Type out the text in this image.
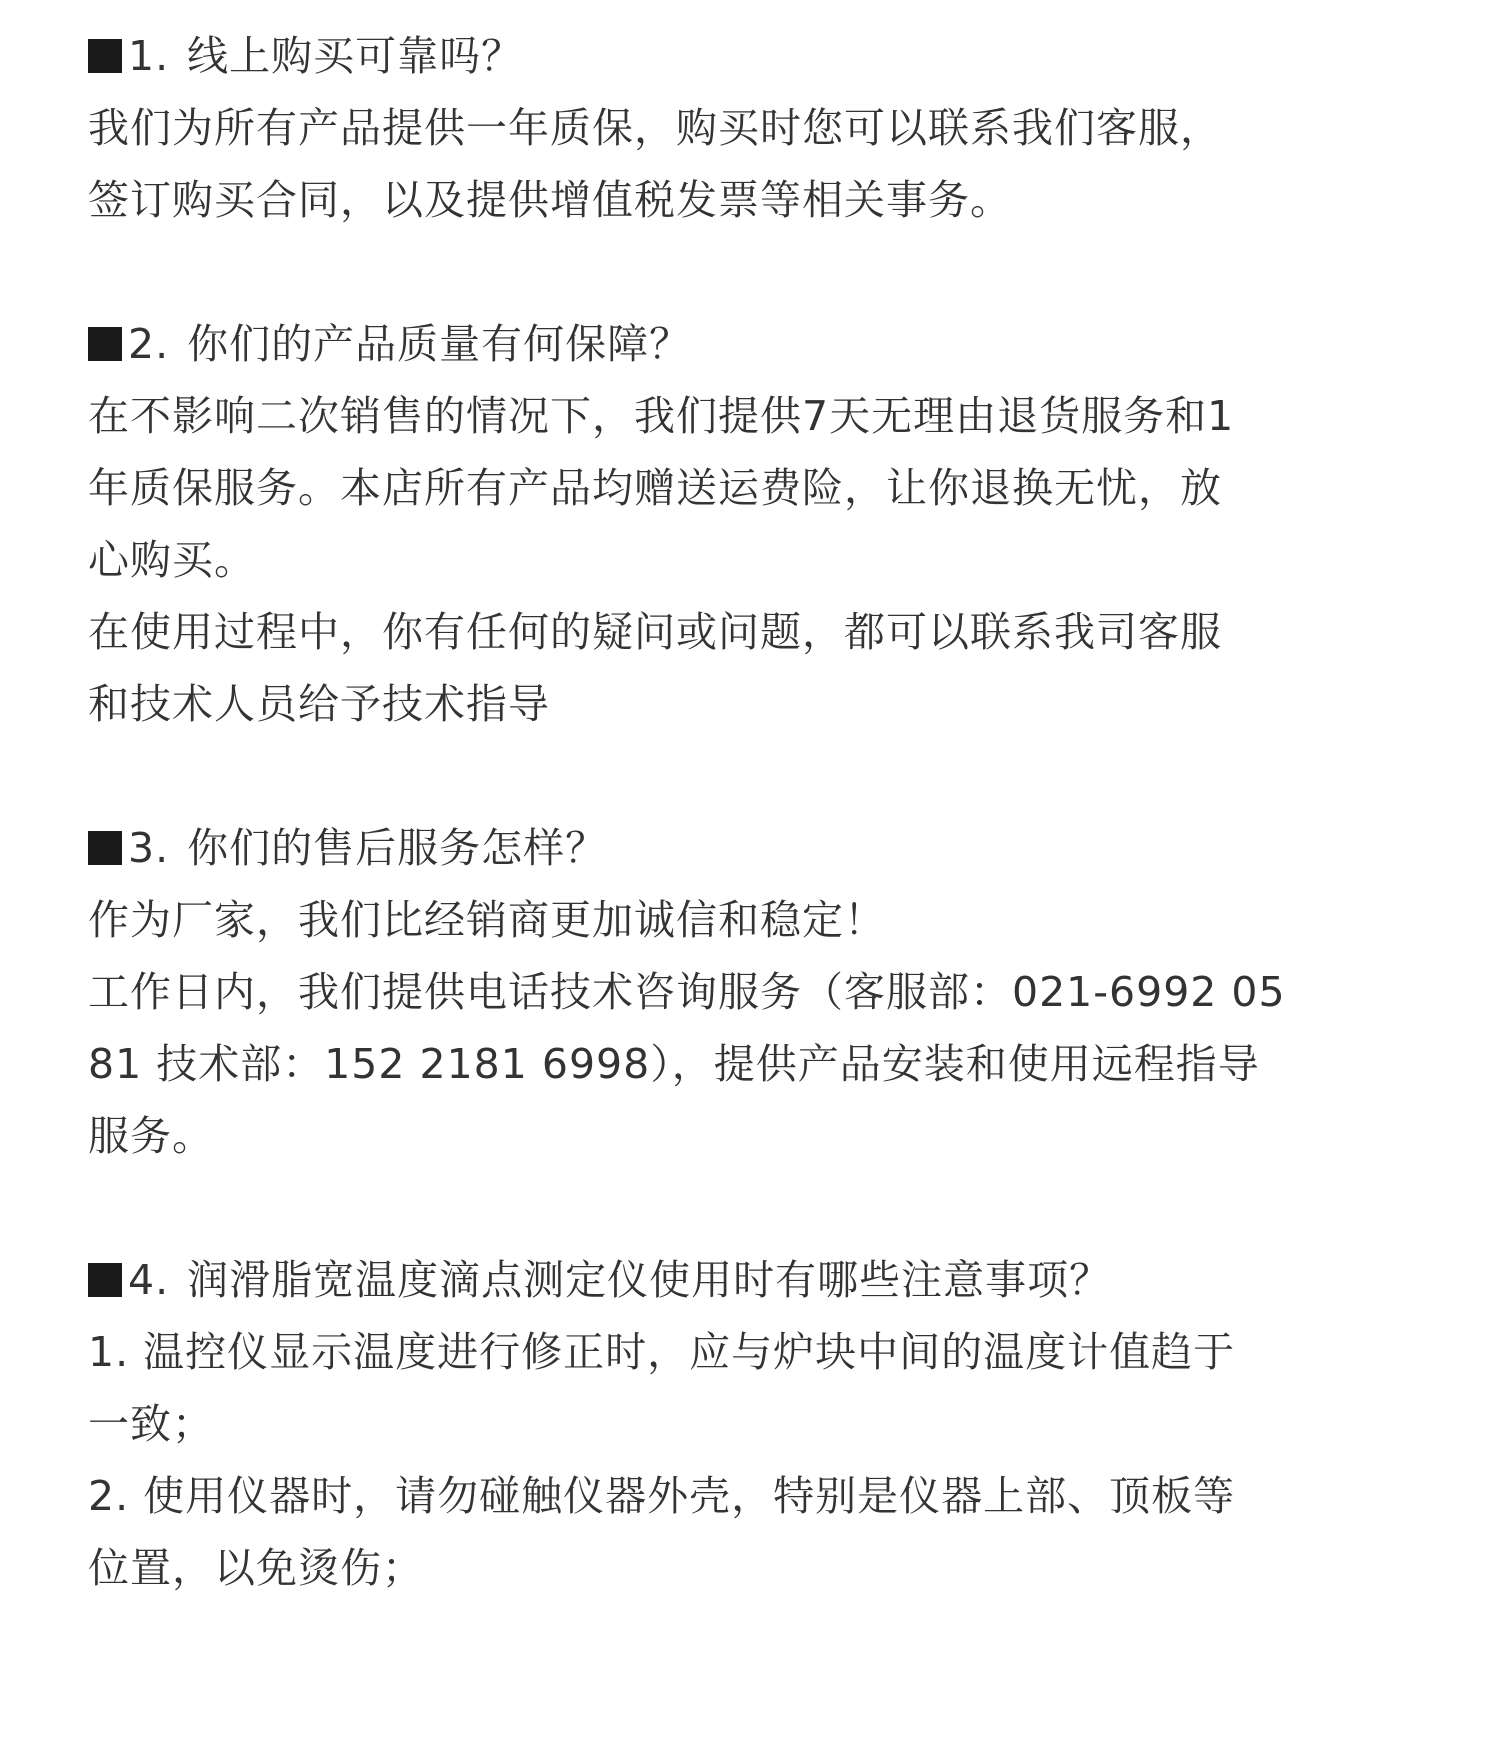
1. 线上购买可靠吗？
我们为所有产品提供一年质保，购买时您可以联系我们客服，
签订购买合同，以及提供增值税发票等相关事务。
2. 你们的产品质量有何保障？
在不影响二次销售的情况下，我们提供7天无理由退货服务和1
年质保服务。本店所有产品均赠送运费险，让你退换无忧，放
心购买。
在使用过程中，你有任何的疑问或问题，都可以联系我司客服
和技术人员给予技术指导
3. 你们的售后服务怎样？
作为厂家，我们比经销商更加诚信和稳定！
工作日内，我们提供电话技术咨询服务（客服部：021-6992 05
81 技术部：152 2181 6998），提供产品安装和使用远程指导
服务。
4. 润滑脂宽温度滴点测定仪使用时有哪些注意事项？
1. 温控仪显示温度进行修正时，应与炉块中间的温度计值趋于
一致；
2. 使用仪器时，请勿碰触仪器外壳，特别是仪器上部、顶板等
位置，以免烫伤；
